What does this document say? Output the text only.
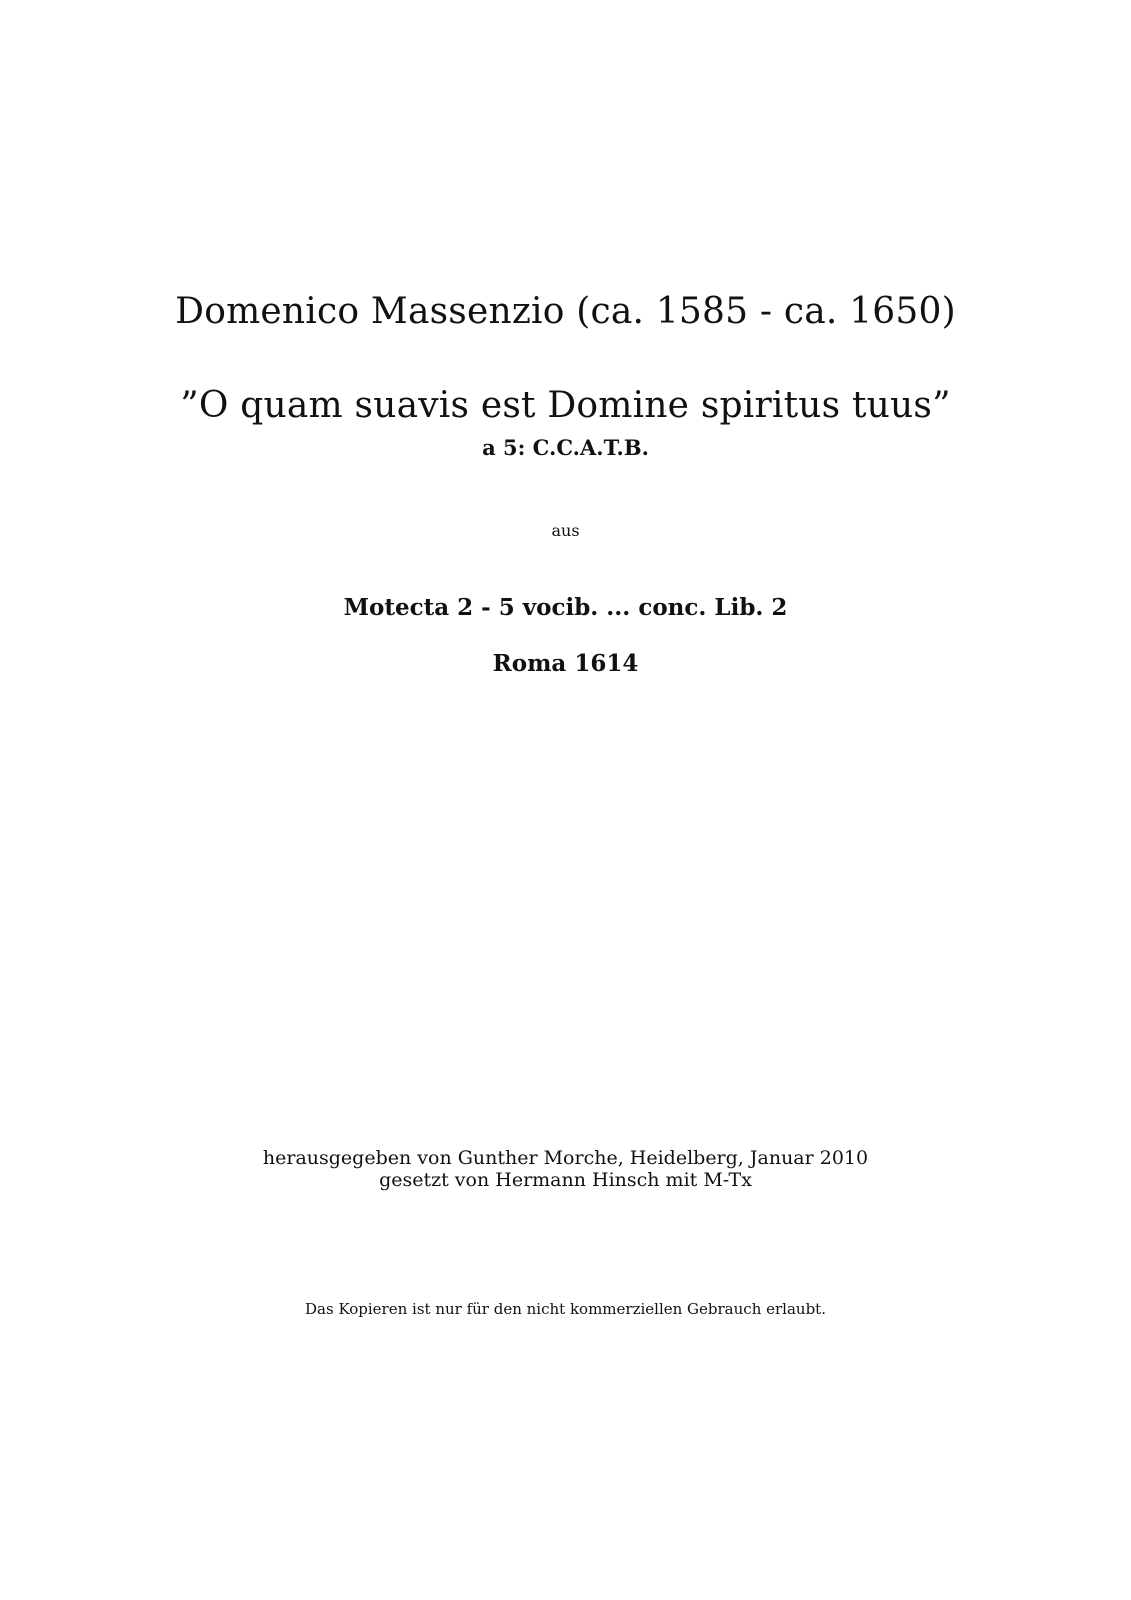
Domenico Massenzio (ca. 1585 - ca. 1650)
”O quam suavis est Domine spiritus tuus”
a 5: C.C.A.T.B.
aus
Motecta 2 - 5 vocib. ... conc. Lib. 2
Roma 1614
herausgegeben von Gunther Morche, Heidelberg, Januar 2010
gesetzt von Hermann Hinsch mit M-Tx
Das Kopieren ist nur für den nicht kommerziellen Gebrauch erlaubt.
